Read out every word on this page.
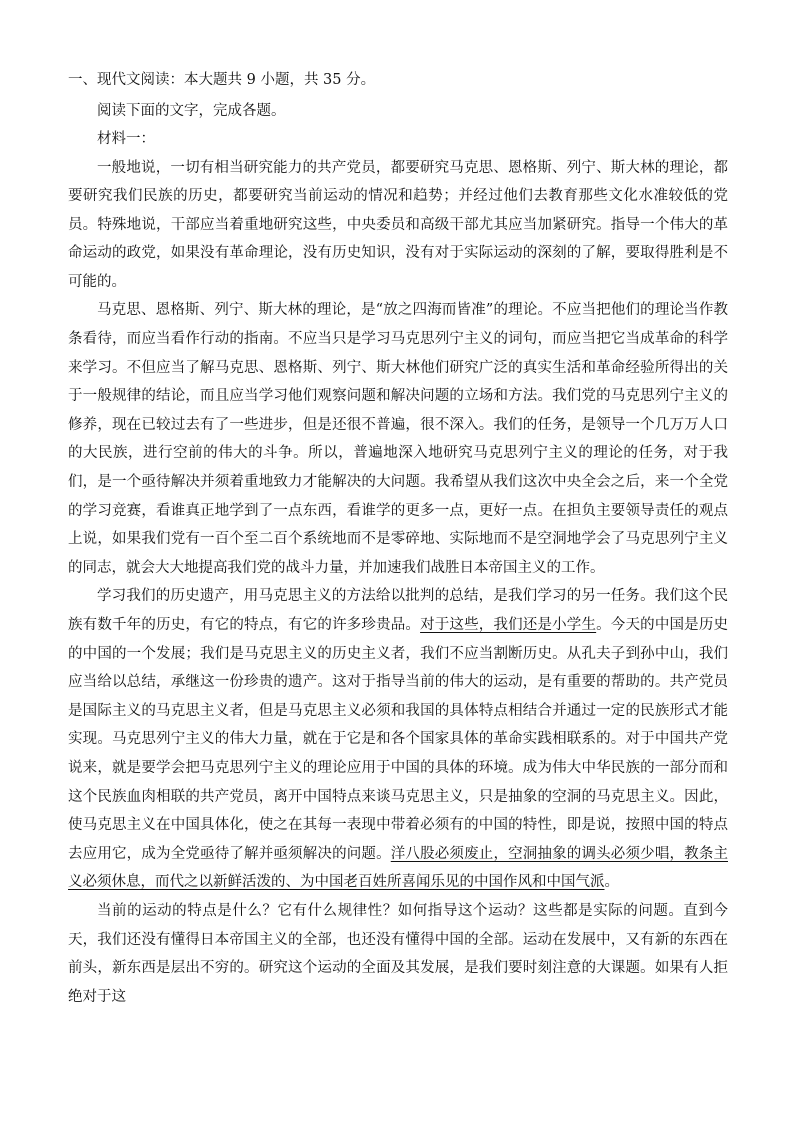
一、现代文阅读：本大题共 9 小题，共 35 分。

阅读下面的文字，完成各题。

材料一：

一般地说，一切有相当研究能力的共产党员，都要研究马克思、恩格斯、列宁、斯大林的理论，都要研究我们民族的历史，都要研究当前运动的情况和趋势；并经过他们去教育那些文化水准较低的党员。特殊地说，干部应当着重地研究这些，中央委员和高级干部尤其应当加紧研究。指导一个伟大的革命运动的政党，如果没有革命理论，没有历史知识，没有对于实际运动的深刻的了解，要取得胜利是不可能的。

马克思、恩格斯、列宁、斯大林的理论，是“放之四海而皆准”的理论。不应当把他们的理论当作教条看待，而应当看作行动的指南。不应当只是学习马克思列宁主义的词句，而应当把它当成革命的科学来学习。不但应当了解马克思、恩格斯、列宁、斯大林他们研究广泛的真实生活和革命经验所得出的关于一般规律的结论，而且应当学习他们观察问题和解决问题的立场和方法。我们党的马克思列宁主义的修养，现在已较过去有了一些进步，但是还很不普遍，很不深入。我们的任务，是领导一个几万万人口的大民族，进行空前的伟大的斗争。所以，普遍地深入地研究马克思列宁主义的理论的任务，对于我们，是一个亟待解决并须着重地致力才能解决的大问题。我希望从我们这次中央全会之后，来一个全党的学习竞赛，看谁真正地学到了一点东西，看谁学的更多一点，更好一点。在担负主要领导责任的观点上说，如果我们党有一百个至二百个系统地而不是零碎地、实际地而不是空洞地学会了马克思列宁主义的同志，就会大大地提高我们党的战斗力量，并加速我们战胜日本帝国主义的工作。

学习我们的历史遗产，用马克思主义的方法给以批判的总结，是我们学习的另一任务。我们这个民族有数千年的历史，有它的特点，有它的许多珍贵品。对于这些，我们还是小学生。今天的中国是历史的中国的一个发展；我们是马克思主义的历史主义者，我们不应当割断历史。从孔夫子到孙中山，我们应当给以总结，承继这一份珍贵的遗产。这对于指导当前的伟大的运动，是有重要的帮助的。共产党员是国际主义的马克思主义者，但是马克思主义必须和我国的具体特点相结合并通过一定的民族形式才能实现。马克思列宁主义的伟大力量，就在于它是和各个国家具体的革命实践相联系的。对于中国共产党说来，就是要学会把马克思列宁主义的理论应用于中国的具体的环境。成为伟大中华民族的一部分而和这个民族血肉相联的共产党员，离开中国特点来谈马克思主义，只是抽象的空洞的马克思主义。因此，使马克思主义在中国具体化，使之在其每一表现中带着必须有的中国的特性，即是说，按照中国的特点去应用它，成为全党亟待了解并亟须解决的问题。洋八股必须废止，空洞抽象的调头必须少唱，教条主义必须休息，而代之以新鲜活泼的、为中国老百姓所喜闻乐见的中国作风和中国气派。

当前的运动的特点是什么？它有什么规律性？如何指导这个运动？这些都是实际的问题。直到今天，我们还没有懂得日本帝国主义的全部，也还没有懂得中国的全部。运动在发展中，又有新的东西在前头，新东西是层出不穷的。研究这个运动的全面及其发展，是我们要时刻注意的大课题。如果有人拒绝对于这
